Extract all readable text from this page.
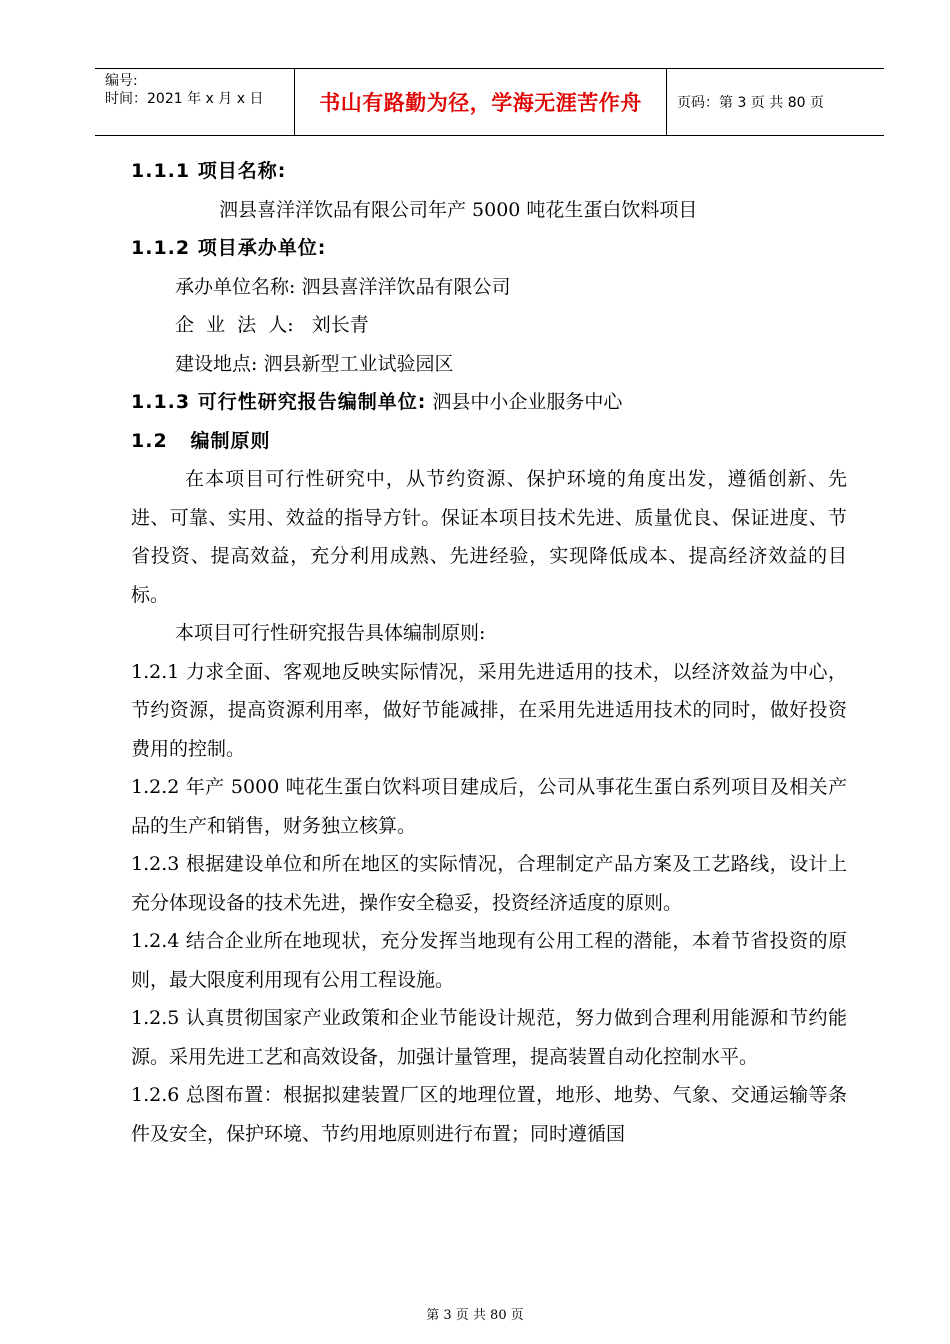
编号:
时间：2021 年 x 月 x 日	书山有路勤为径，学海无涯苦作舟	页码：第 3 页 共 80 页

1.1.1 项目名称:

泗县喜洋洋饮品有限公司年产 5000 吨花生蛋白饮料项目

1.1.2 项目承办单位:

承办单位名称: 泗县喜洋洋饮品有限公司

企  业  法  人:   刘长青

建设地点: 泗县新型工业试验园区

1.1.3 可行性研究报告编制单位: 泗县中小企业服务中心

1.2   编制原则

在本项目可行性研究中，从节约资源、保护环境的角度出发，遵循创新、先进、可靠、实用、效益的指导方针。保证本项目技术先进、质量优良、保证进度、节省投资、提高效益，充分利用成熟、先进经验，实现降低成本、提高经济效益的目标。

本项目可行性研究报告具体编制原则:

1.2.1 力求全面、客观地反映实际情况，采用先进适用的技术，以经济效益为中心，节约资源，提高资源利用率，做好节能减排，在采用先进适用技术的同时，做好投资费用的控制。

1.2.2 年产 5000 吨花生蛋白饮料项目建成后，公司从事花生蛋白系列项目及相关产品的生产和销售，财务独立核算。

1.2.3 根据建设单位和所在地区的实际情况，合理制定产品方案及工艺路线，设计上充分体现设备的技术先进，操作安全稳妥，投资经济适度的原则。

1.2.4 结合企业所在地现状，充分发挥当地现有公用工程的潜能，本着节省投资的原则，最大限度利用现有公用工程设施。

1.2.5 认真贯彻国家产业政策和企业节能设计规范，努力做到合理利用能源和节约能源。采用先进工艺和高效设备，加强计量管理，提高装置自动化控制水平。

1.2.6 总图布置：根据拟建装置厂区的地理位置，地形、地势、气象、交通运输等条件及安全，保护环境、节约用地原则进行布置；同时遵循国

第 3 页 共 80 页
